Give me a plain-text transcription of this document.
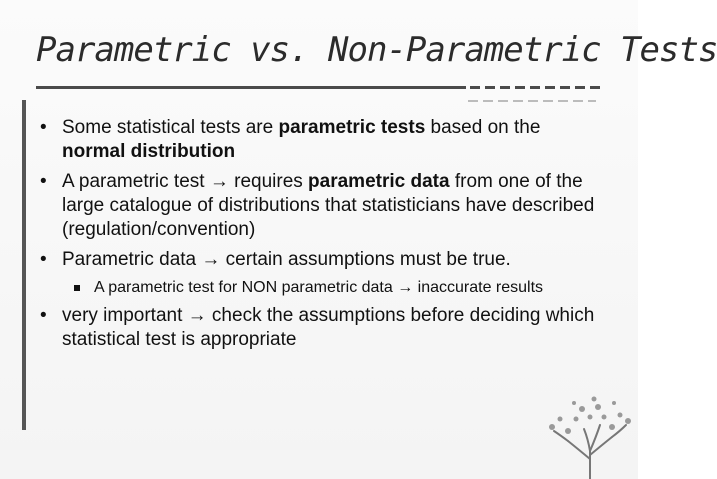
Parametric vs. Non-Parametric Tests
• Some statistical tests are parametric tests based on the normal distribution
• A parametric test → requires parametric data from one of the large catalogue of distributions that statisticians have described (regulation/convention)
• Parametric data → certain assumptions must be true.
A parametric test for NON parametric data → inaccurate results
• very important → check the assumptions before deciding which statistical test is appropriate
